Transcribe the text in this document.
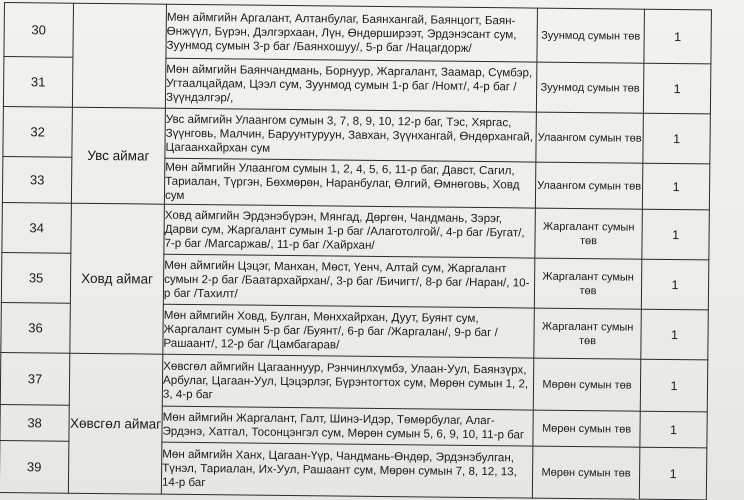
30		Мөн аймгийн Аргалант, Алтанбулаг, Баянхангай, Баянцогт, Баян-Өнжүүл, Бүрэн, Дэлгэрхаан, Лүн, Өндөрширээт, Эрдэнэсант сум, Зуунмод сумын 3-р баг /Баянхошуу/, 5-р баг /Нацагдорж/	Зуунмод сумын төв	1
31		Мөн аймгийн Баянчандмань, Борнуур, Жаргалант, Заамар, Сүмбэр, Угтаалцайдам, Цээл сум, Зуунмод сумын 1-р баг /Номт/, 4-р баг /Зүүндэлгэр/,	Зуунмод сумын төв	1
32	Увс аймаг	Увс аймгийн Улаангом сумын 3, 7, 8, 9, 10, 12-р баг, Тэс, Хяргас, Зүүнговь, Малчин, Баруунтуруун, Завхан, Зүүнхангай, Өндөрхангай, Цагаанхайрхан сум	Улаангом сумын төв	1
33		Мөн аймгийн Улаангом сумын 1, 2, 4, 5, 6, 11-р баг, Давст, Сагил, Тариалан, Түргэн, Бөхмөрөн, Наранбулаг, Өлгий, Өмнөговь, Ховд сум	Улаангом сумын төв	1
34	Ховд аймаг	Ховд аймгийн Эрдэнэбүрэн, Мянгад, Дөргөн, Чандмань, Зэрэг, Дарви сум, Жаргалант сумын 1-р баг /Алаготолгой/, 4-р баг /Бугат/, 7-р баг /Магсаржав/, 11-р баг /Хайрхан/	Жаргалант сумын төв	1
35		Мөн аймгийн Цэцэг, Манхан, Мөст, Үенч, Алтай сум, Жаргалант сумын 2-р баг /Баатархайрхан/, 3-р баг /Бичигт/, 8-р баг /Наран/, 10-р баг /Тахилт/	Жаргалант сумын төв	1
36		Мөн аймгийн Ховд, Булган, Мөнххайрхан, Дуут, Буянт сум, Жаргалант сумын 5-р баг /Буянт/, 6-р баг /Жаргалан/, 9-р баг /Рашаант/, 12-р баг /Цамбагарав/	Жаргалант сумын төв	1
37	Хөвсгөл аймаг	Хөвсгөл аймгийн Цагааннуур, Рэнчинлхүмбэ, Улаан-Уул, Баянзүрх, Арбулаг, Цагаан-Уул, Цэцэрлэг, Бүрэнтогтох сум, Мөрөн сумын 1, 2, 3, 4-р баг	Мөрөн сумын төв	1
38		Мөн аймгийн Жаргалант, Галт, Шинэ-Идэр, Төмөрбулаг, Алаг-Эрдэнэ, Хатгал, Тосонцэнгэл сум, Мөрөн сумын 5, 6, 9, 10, 11-р баг	Мөрөн сумын төв	1
39		Мөн аймгийн Ханх, Цагаан-Үүр, Чандмань-Өндөр, Эрдэнэбулган, Түнэл, Тариалан, Их-Уул, Рашаант сум, Мөрөн сумын 7, 8, 12, 13, 14-р баг	Мөрөн сумын төв	1
